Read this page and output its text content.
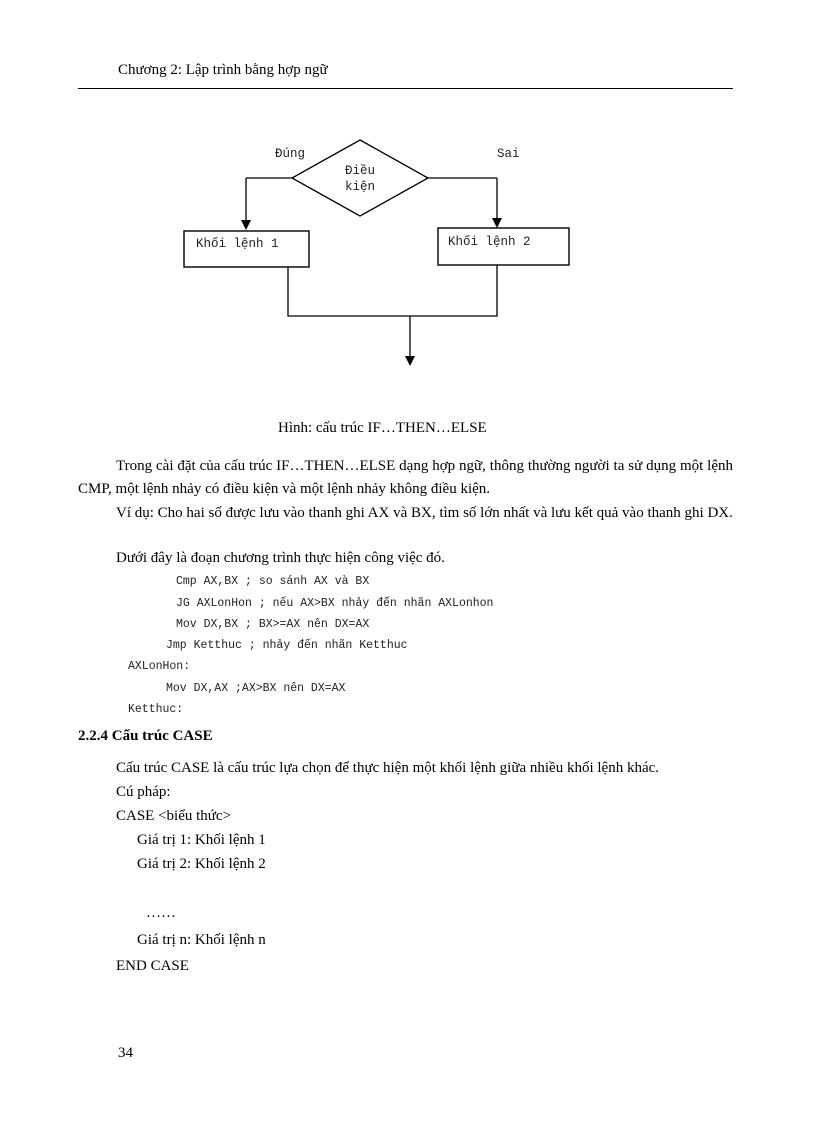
Chương 2: Lập trình bằng hợp ngữ
Đúng	Sai
Điều
kiện
Khối lệnh 1	Khối lệnh 2
Hình: cấu trúc IF…THEN…ELSE
Trong cài đặt của cấu trúc IF…THEN…ELSE dạng hợp ngữ, thông thường người ta sử dụng một lệnh CMP, một lệnh nhảy có điều kiện và một lệnh nhảy không điều kiện.
Ví dụ: Cho hai số được lưu vào thanh ghi AX và BX, tìm số lớn nhất và lưu kết quả vào thanh ghi DX.
Dưới đây là đoạn chương trình thực hiện công việc đó.
Cmp AX,BX ; so sánh AX và BX
JG AXLonHon ; nếu AX>BX nhảy đến nhãn AXLonhon
Mov DX,BX ; BX>=AX nên DX=AX
Jmp Ketthuc ; nhảy đến nhãn Ketthuc
AXLonHon:
Mov DX,AX ;AX>BX nên DX=AX
Ketthuc:
2.2.4 Cấu trúc CASE
Cấu trúc CASE là cấu trúc lựa chọn để thực hiện một khối lệnh giữa nhiều khối lệnh khác.
Cú pháp:
CASE <biểu thức>
Giá trị 1: Khối lệnh 1
Giá trị 2: Khối lệnh 2
……
Giá trị n: Khối lệnh n
END CASE
34
